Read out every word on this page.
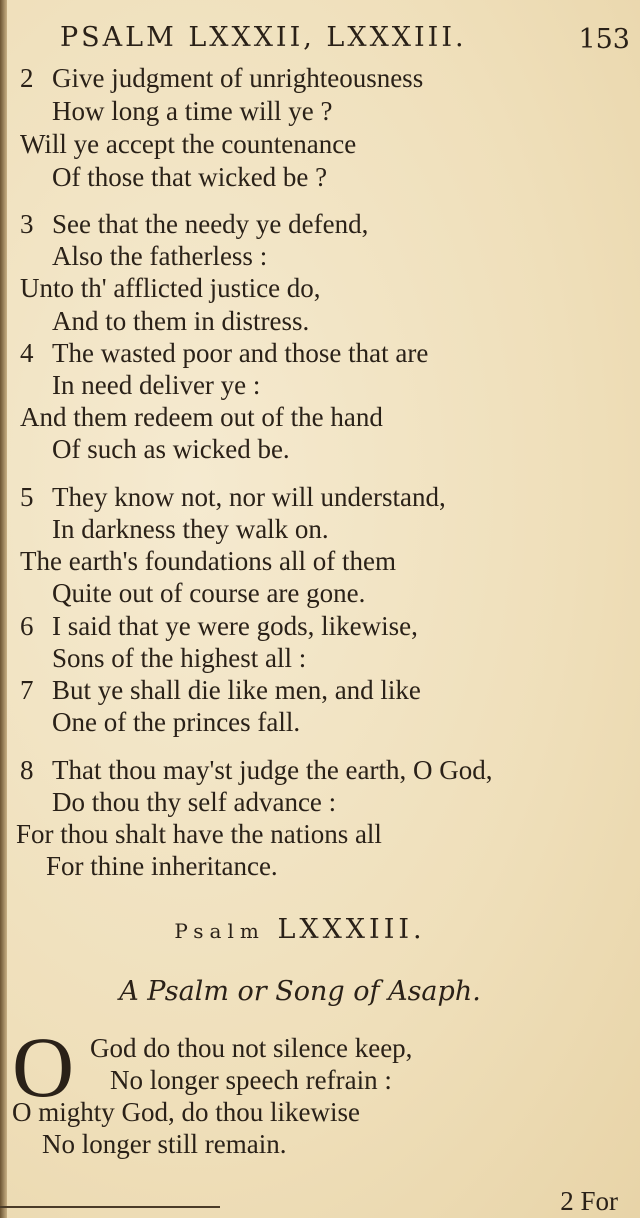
PSALM LXXXII, LXXXIII.	153
2 Give judgment of unrighteousness
How long a time will ye ?
Will ye accept the countenance
Of those that wicked be ?
3 See that the needy ye defend,
Also the fatherless :
Unto th' afflicted justice do,
And to them in distress.
4 The wasted poor and those that are
In need deliver ye :
And them redeem out of the hand
Of such as wicked be.
5 They know not, nor will understand,
In darkness they walk on.
The earth's foundations all of them
Quite out of course are gone.
6 I said that ye were gods, likewise,
Sons of the highest all :
7 But ye shall die like men, and like
One of the princes fall.
8 That thou may'st judge the earth, O God,
Do thou thy self advance :
For thou shalt have the nations all
For thine inheritance.
Psalm LXXXIII.
A Psalm or Song of Asaph.
O God do thou not silence keep,
No longer speech refrain :
O mighty God, do thou likewise
No longer still remain.
2 For
